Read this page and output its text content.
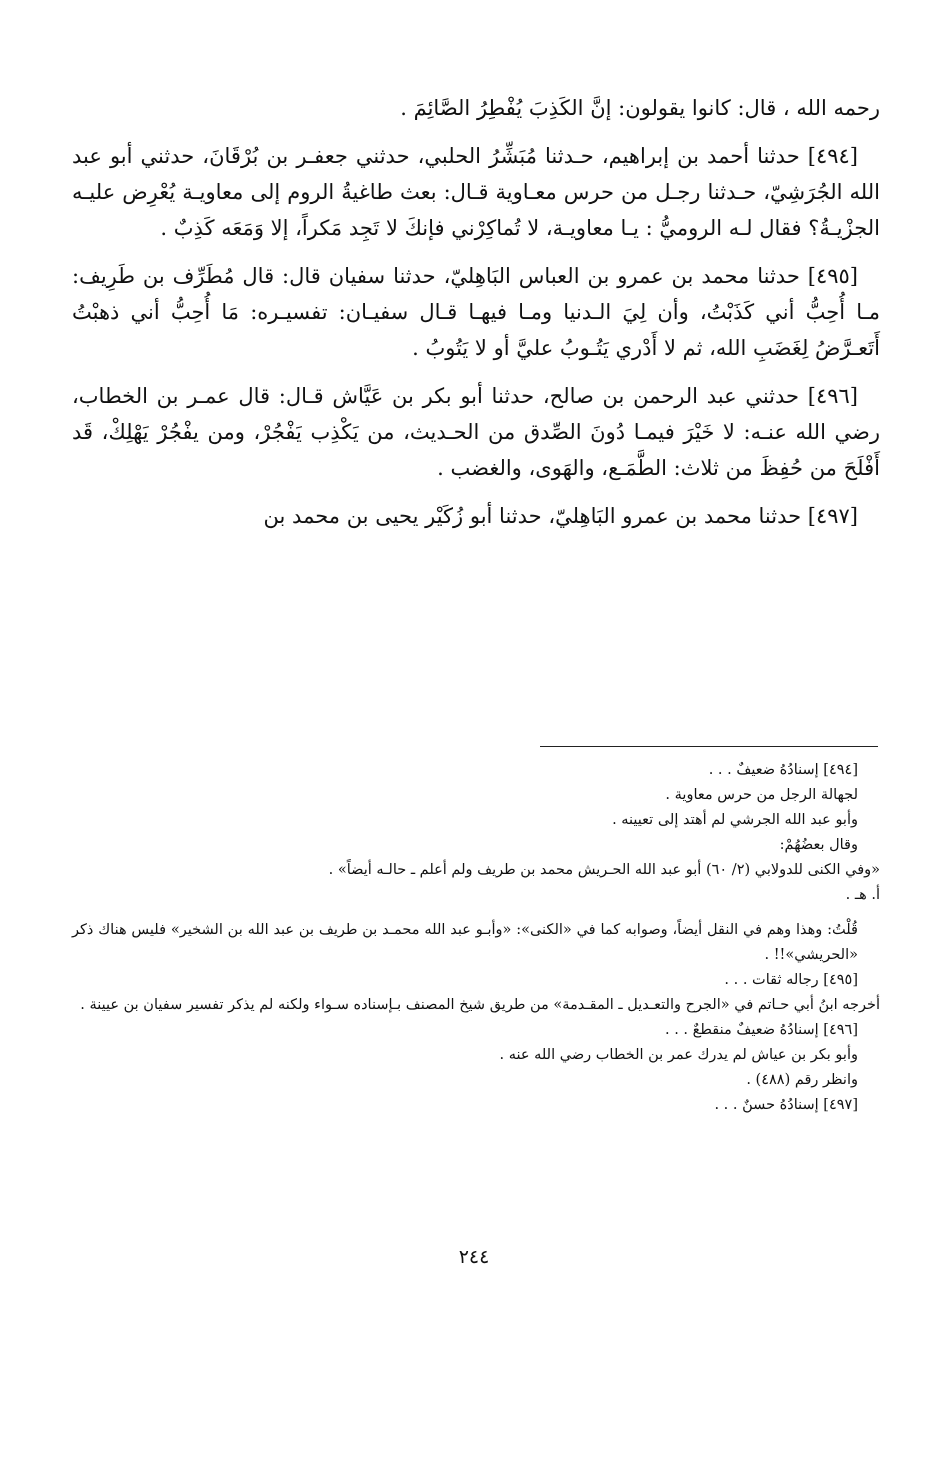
رحمه الله ، قال: كانوا يقولون: إنَّ الكَذِبَ يُفْطِرُ الصَّائِمَ .

[٤٩٤] حدثنا أحمد بن إبراهيم، حـدثنا مُبَشِّرُ الحلبي، حدثني جعفـر بن بُرْقَانَ، حدثني أبو عبد الله الجُرَشِيّ، حـدثنا رجـل من حرس معـاوية قـال: بعث طاغيةُ الروم إلى معاويـة يُعْرِض عليـه الجزْيـةُ؟ فقال لـه الروميُّ : يـا معاويـة، لا تُماكِرْني فإنكَ لا تَجِد مَكراً، إلا وَمَعَه كَذِبٌ .

[٤٩٥] حدثنا محمد بن عمرو بن العباس البَاهِليّ، حدثنا سفيان قال: قال مُطَرِّف بن طَرِيف: مـا أُحِبُّ أني كَذَبْتُ، وأن لِيَ الـدنيا ومـا فيهـا قـال سفيـان: تفسيـره: مَا أُحِبُّ أني ذهبْتُ أَتَعـرَّضُ لِغَضَبِ الله، ثم لا أَدْري يَتُـوبُ عليَّ أو لا يَتُوبُ .

[٤٩٦] حدثني عبد الرحمن بن صالح، حدثنا أبو بكر بن عَيَّاش قـال: قال عمـر بن الخطاب، رضي الله عنـه: لا خَيْرَ فيمـا دُونَ الصِّدق من الحـديث، من يَكْذِب يَفْجُرْ، ومن يفْجُرْ يَهْلِكْ، قَد أَفْلَحَ من حُفِظَ من ثلاث: الطَّمَـع، والهَوى، والغضب .

[٤٩٧] حدثنا محمد بن عمرو البَاهِليّ، حدثنا أبو زُكَيْر يحيى بن محمد بن

[٤٩٤] إسنادُهُ ضعيفٌ . . .

لجهالة الرجل من حرس معاوية .

وأبو عبد الله الجرشي لم أهتد إلى تعيينه .

وقال بعضُهُمْ:

«وفي الكنى للدولابي (٢/ ٦٠) أبو عبد الله الحـريش محمد بن طريف ولم أعلم ـ حالـه أيضاً» .

أ. هـ .

قُلْتُ: وهذا وهم في النقل أيضاً، وصوابه كما في «الكنى»: «وأبـو عبد الله محمـد بن طريف بن عبد الله بن الشخير» فليس هناك ذكر «الحريشي»!! .

[٤٩٥] رجاله ثقات . . .

أخرجه ابنُ أبي حـاتم في «الجرح والتعـديل ـ المقـدمة» من طريق شيخ المصنف بـإسناده سـواء ولكنه لم يذكر تفسير سفيان بن عيينة .

[٤٩٦] إسنادُهُ ضعيفٌ منقطعٌ . . .

وأبو بكر بن عياش لم يدرك عمر بن الخطاب رضي الله عنه .

وانظر رقم (٤٨٨) .

[٤٩٧] إسنادُهُ حسنٌ . . .

٢٤٤
